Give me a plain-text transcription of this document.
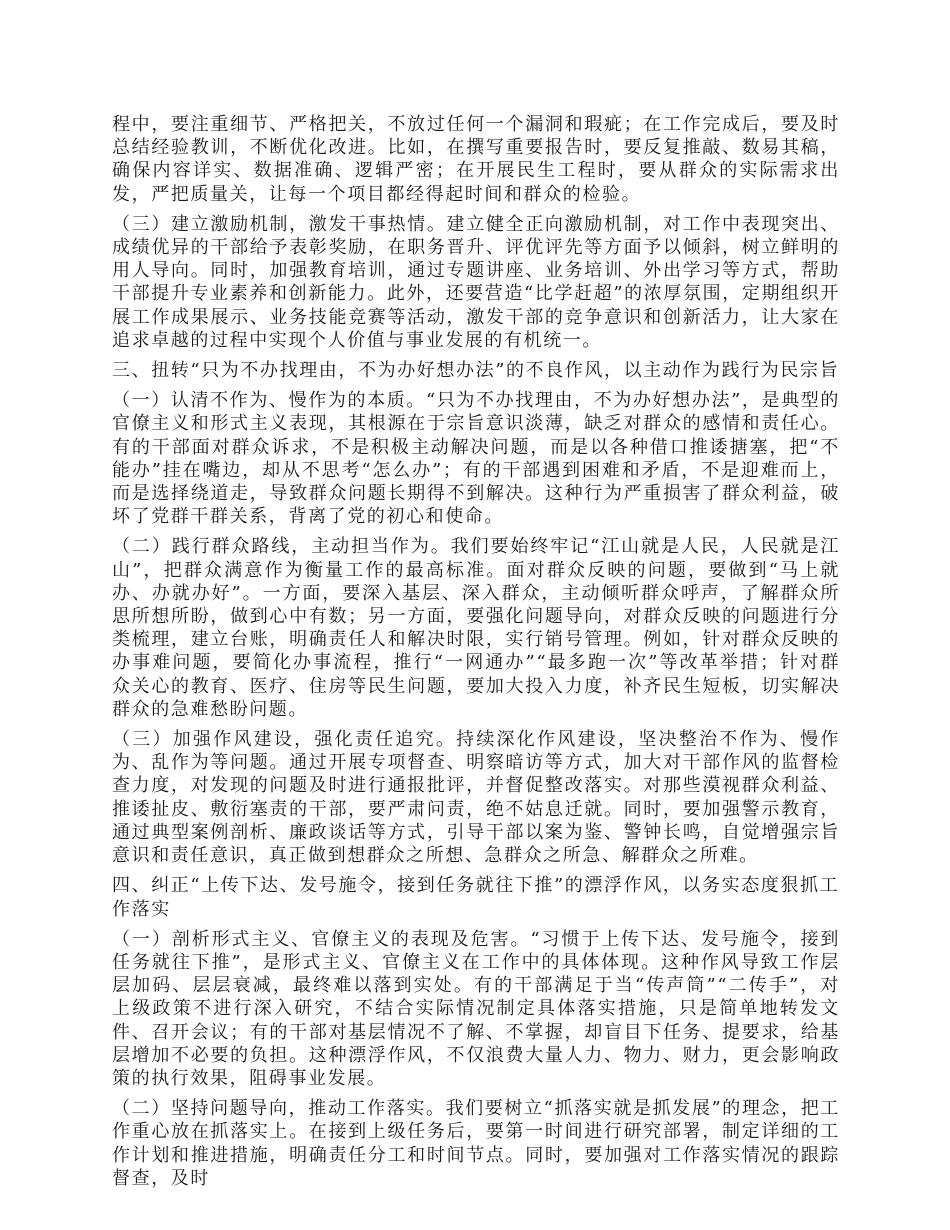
程中，要注重细节、严格把关，不放过任何一个漏洞和瑕疵；在工作完成后，要及时总结经验教训，不断优化改进。比如，在撰写重要报告时，要反复推敲、数易其稿，确保内容详实、数据准确、逻辑严密；在开展民生工程时，要从群众的实际需求出发，严把质量关，让每一个项目都经得起时间和群众的检验。

（三）建立激励机制，激发干事热情。建立健全正向激励机制，对工作中表现突出、成绩优异的干部给予表彰奖励，在职务晋升、评优评先等方面予以倾斜，树立鲜明的用人导向。同时，加强教育培训，通过专题讲座、业务培训、外出学习等方式，帮助干部提升专业素养和创新能力。此外，还要营造“比学赶超”的浓厚氛围，定期组织开展工作成果展示、业务技能竞赛等活动，激发干部的竞争意识和创新活力，让大家在追求卓越的过程中实现个人价值与事业发展的有机统一。

三、扭转“只为不办找理由，不为办好想办法”的不良作风，以主动作为践行为民宗旨

（一）认清不作为、慢作为的本质。“只为不办找理由，不为办好想办法”，是典型的官僚主义和形式主义表现，其根源在于宗旨意识淡薄，缺乏对群众的感情和责任心。有的干部面对群众诉求，不是积极主动解决问题，而是以各种借口推诿搪塞，把“不能办”挂在嘴边，却从不思考“怎么办”；有的干部遇到困难和矛盾，不是迎难而上，而是选择绕道走，导致群众问题长期得不到解决。这种行为严重损害了群众利益，破坏了党群干群关系，背离了党的初心和使命。

（二）践行群众路线，主动担当作为。我们要始终牢记“江山就是人民，人民就是江山”，把群众满意作为衡量工作的最高标准。面对群众反映的问题，要做到“马上就办、办就办好”。一方面，要深入基层、深入群众，主动倾听群众呼声，了解群众所思所想所盼，做到心中有数；另一方面，要强化问题导向，对群众反映的问题进行分类梳理，建立台账，明确责任人和解决时限，实行销号管理。例如，针对群众反映的办事难问题，要简化办事流程，推行“一网通办”“最多跑一次”等改革举措；针对群众关心的教育、医疗、住房等民生问题，要加大投入力度，补齐民生短板，切实解决群众的急难愁盼问题。

（三）加强作风建设，强化责任追究。持续深化作风建设，坚决整治不作为、慢作为、乱作为等问题。通过开展专项督查、明察暗访等方式，加大对干部作风的监督检查力度，对发现的问题及时进行通报批评，并督促整改落实。对那些漠视群众利益、推诿扯皮、敷衍塞责的干部，要严肃问责，绝不姑息迁就。同时，要加强警示教育，通过典型案例剖析、廉政谈话等方式，引导干部以案为鉴、警钟长鸣，自觉增强宗旨意识和责任意识，真正做到想群众之所想、急群众之所急、解群众之所难。

四、纠正“上传下达、发号施令，接到任务就往下推”的漂浮作风，以务实态度狠抓工作落实

（一）剖析形式主义、官僚主义的表现及危害。“习惯于上传下达、发号施令，接到任务就往下推”，是形式主义、官僚主义在工作中的具体体现。这种作风导致工作层层加码、层层衰减，最终难以落到实处。有的干部满足于当“传声筒”“二传手”，对上级政策不进行深入研究，不结合实际情况制定具体落实措施，只是简单地转发文件、召开会议；有的干部对基层情况不了解、不掌握，却盲目下任务、提要求，给基层增加不必要的负担。这种漂浮作风，不仅浪费大量人力、物力、财力，更会影响政策的执行效果，阻碍事业发展。

（二）坚持问题导向，推动工作落实。我们要树立“抓落实就是抓发展”的理念，把工作重心放在抓落实上。在接到上级任务后，要第一时间进行研究部署，制定详细的工作计划和推进措施，明确责任分工和时间节点。同时，要加强对工作落实情况的跟踪督查，及时
